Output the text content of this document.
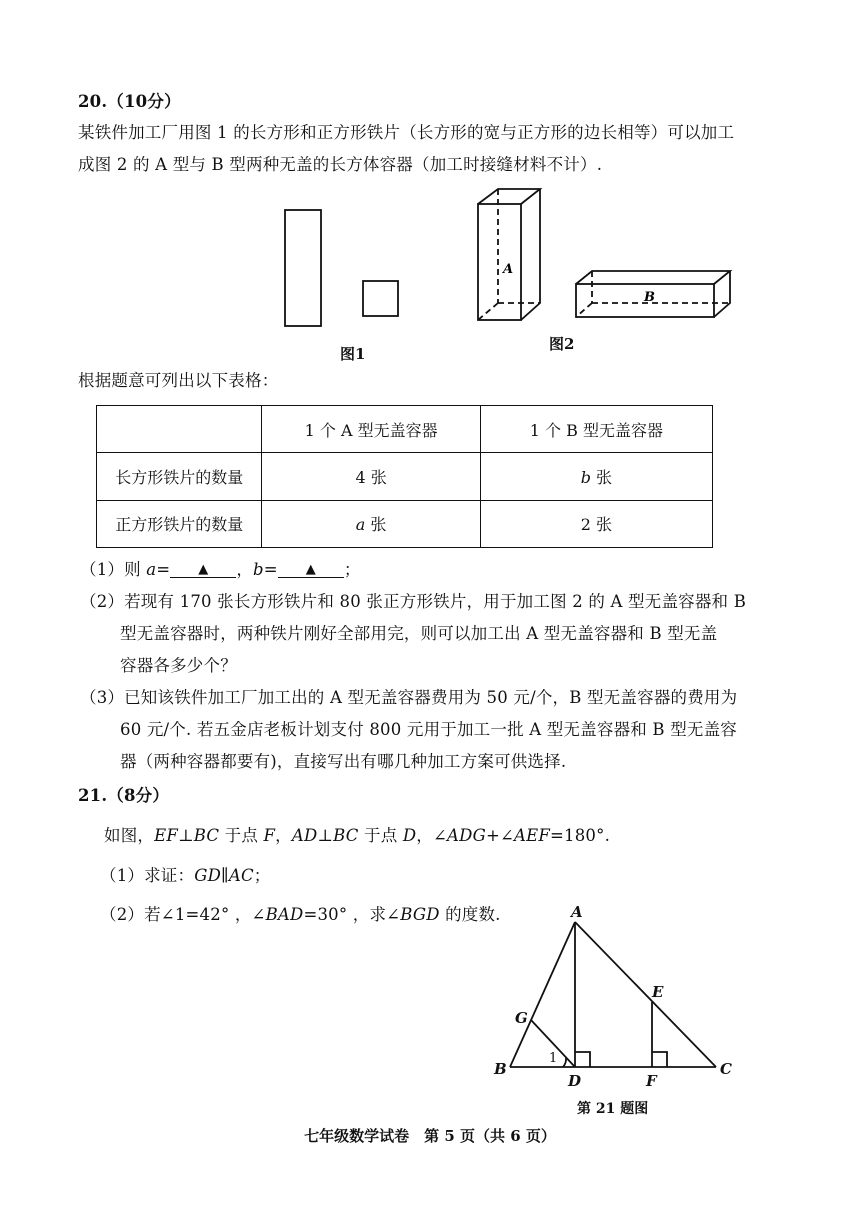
20.（10分）
某铁件加工厂用图 1 的长方形和正方形铁片（长方形的宽与正方形的边长相等）可以加工
成图 2 的 A 型与 B 型两种无盖的长方体容器（加工时接缝材料不计）.
图1
A
B
图2
根据题意可列出以下表格：
	1 个 A 型无盖容器	1 个 B 型无盖容器
长方形铁片的数量	4 张	b 张
正方形铁片的数量	a 张	2 张
（1）则 a= ▲ ，b= ▲ ；
（2）若现有 170 张长方形铁片和 80 张正方形铁片，用于加工图 2 的 A 型无盖容器和 B
型无盖容器时，两种铁片刚好全部用完，则可以加工出 A 型无盖容器和 B 型无盖
容器各多少个？
（3）已知该铁件加工厂加工出的 A 型无盖容器费用为 50 元/个，B 型无盖容器的费用为
60 元/个. 若五金店老板计划支付 800 元用于加工一批 A 型无盖容器和 B 型无盖容
器（两种容器都要有)，直接写出有哪几种加工方案可供选择.
21.（8分）
如图，EF⊥BC 于点 F，AD⊥BC 于点 D，∠ADG+∠AEF=180°.
（1）求证：GD∥AC；
（2）若∠1=42° ，∠BAD=30° ，求∠BGD 的度数.	A
B	C
D
E
F
G
1
第 21 题图
七年级数学试卷　第 5 页（共 6 页）
